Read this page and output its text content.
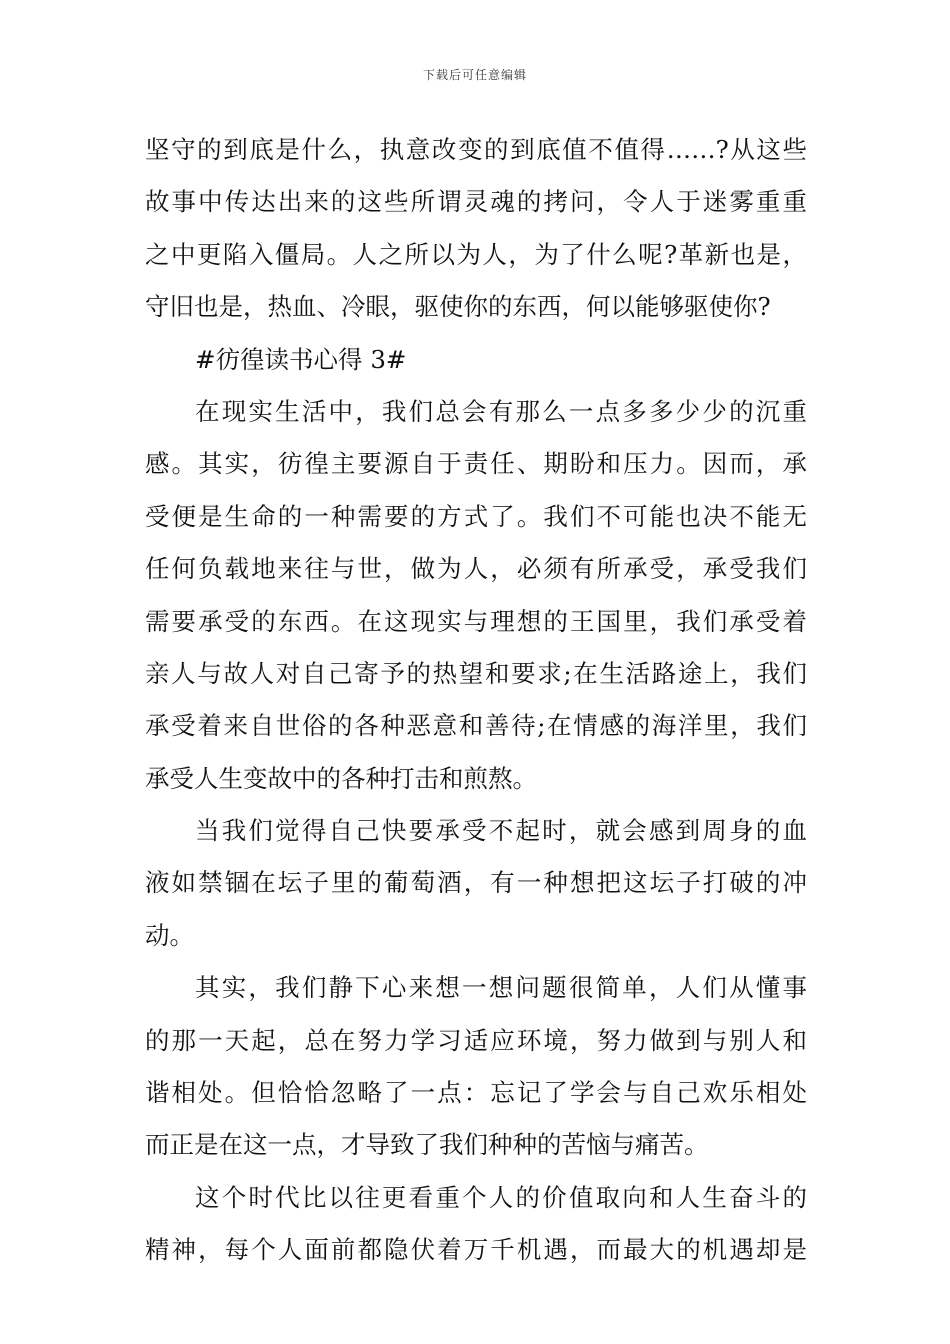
下载后可任意编辑
坚守的到底是什么，执意改变的到底值不值得……?从这些
故事中传达出来的这些所谓灵魂的拷问，令人于迷雾重重
之中更陷入僵局。人之所以为人，为了什么呢?革新也是，
守旧也是，热血、冷眼，驱使你的东西，何以能够驱使你?
#彷徨读书心得 3#
在现实生活中，我们总会有那么一点多多少少的沉重
感。其实，彷徨主要源自于责任、期盼和压力。因而，承
受便是生命的一种需要的方式了。我们不可能也决不能无
任何负载地来往与世，做为人，必须有所承受，承受我们
需要承受的东西。在这现实与理想的王国里，我们承受着
亲人与故人对自己寄予的热望和要求;在生活路途上，我们
承受着来自世俗的各种恶意和善待;在情感的海洋里，我们
承受人生变故中的各种打击和煎熬。
当我们觉得自己快要承受不起时，就会感到周身的血
液如禁锢在坛子里的葡萄酒，有一种想把这坛子打破的冲
动。
其实，我们静下心来想一想问题很简单，人们从懂事
的那一天起，总在努力学习适应环境，努力做到与别人和
谐相处。但恰恰忽略了一点：忘记了学会与自己欢乐相处
而正是在这一点，才导致了我们种种的苦恼与痛苦。
这个时代比以往更看重个人的价值取向和人生奋斗的
精神，每个人面前都隐伏着万千机遇，而最大的机遇却是
